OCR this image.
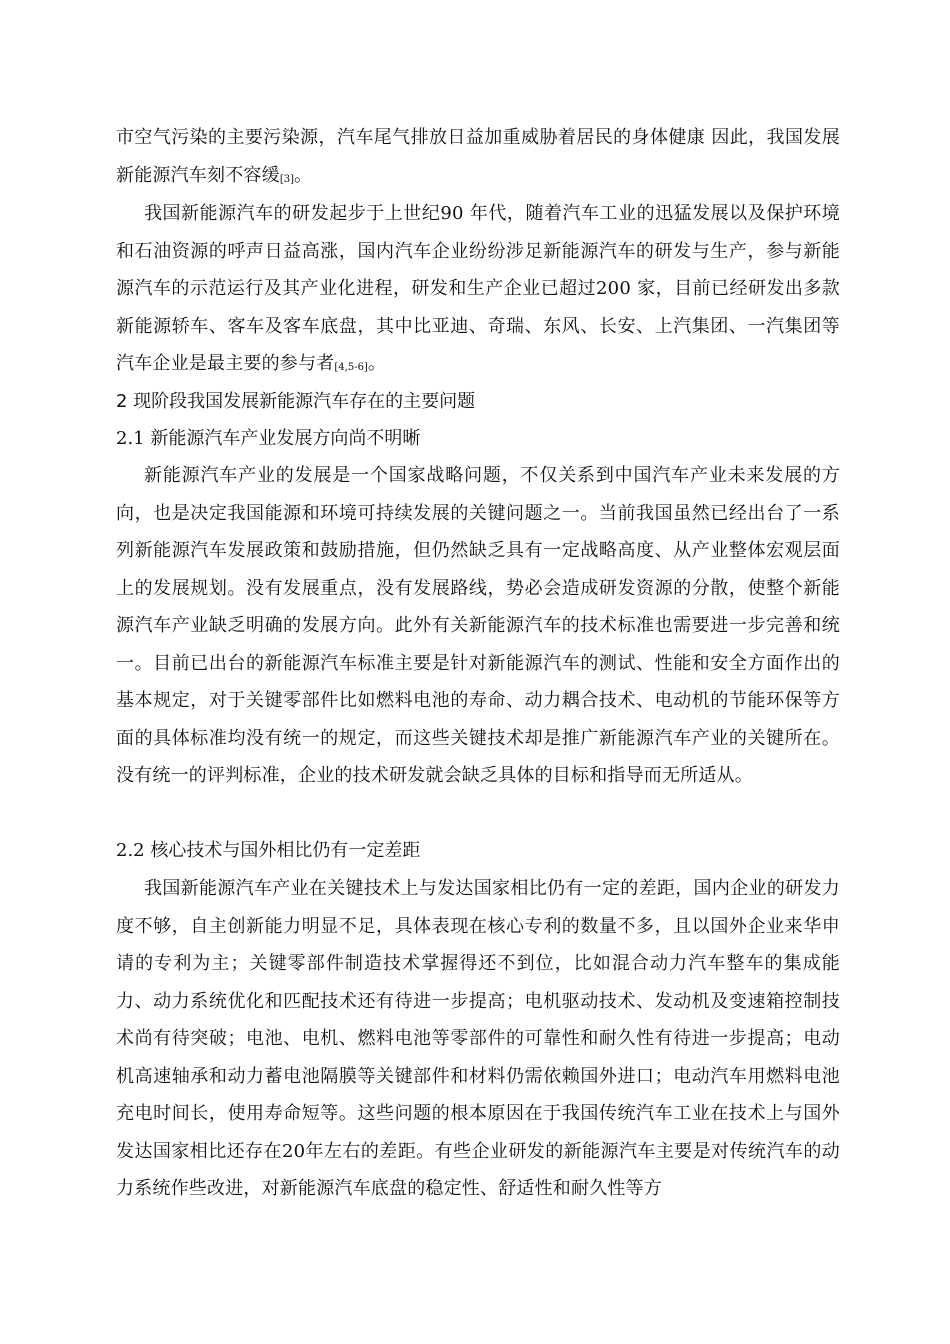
市空气污染的主要污染源，汽车尾气排放日益加重威胁着居民的身体健康 因此，我国发展新能源汽车刻不容缓[3]。

我国新能源汽车的研发起步于上世纪90 年代，随着汽车工业的迅猛发展以及保护环境和石油资源的呼声日益高涨，国内汽车企业纷纷涉足新能源汽车的研发与生产，参与新能源汽车的示范运行及其产业化进程，研发和生产企业已超过200 家，目前已经研发出多款新能源轿车、客车及客车底盘，其中比亚迪、奇瑞、东风、长安、上汽集团、一汽集团等汽车企业是最主要的参与者[4,5-6]。

2 现阶段我国发展新能源汽车存在的主要问题
2.1 新能源汽车产业发展方向尚不明晰

新能源汽车产业的发展是一个国家战略问题，不仅关系到中国汽车产业未来发展的方向，也是决定我国能源和环境可持续发展的关键问题之一。当前我国虽然已经出台了一系列新能源汽车发展政策和鼓励措施，但仍然缺乏具有一定战略高度、从产业整体宏观层面上的发展规划。没有发展重点，没有发展路线，势必会造成研发资源的分散，使整个新能源汽车产业缺乏明确的发展方向。此外有关新能源汽车的技术标准也需要进一步完善和统一。目前已出台的新能源汽车标准主要是针对新能源汽车的测试、性能和安全方面作出的基本规定，对于关键零部件比如燃料电池的寿命、动力耦合技术、电动机的节能环保等方面的具体标准均没有统一的规定，而这些关键技术却是推广新能源汽车产业的关键所在。没有统一的评判标准，企业的技术研发就会缺乏具体的目标和指导而无所适从。

2.2 核心技术与国外相比仍有一定差距

我国新能源汽车产业在关键技术上与发达国家相比仍有一定的差距，国内企业的研发力度不够，自主创新能力明显不足，具体表现在核心专利的数量不多，且以国外企业来华申请的专利为主；关键零部件制造技术掌握得还不到位，比如混合动力汽车整车的集成能力、动力系统优化和匹配技术还有待进一步提高；电机驱动技术、发动机及变速箱控制技术尚有待突破；电池、电机、燃料电池等零部件的可靠性和耐久性有待进一步提高；电动机高速轴承和动力蓄电池隔膜等关键部件和材料仍需依赖国外进口；电动汽车用燃料电池充电时间长，使用寿命短等。这些问题的根本原因在于我国传统汽车工业在技术上与国外发达国家相比还存在20年左右的差距。有些企业研发的新能源汽车主要是对传统汽车的动力系统作些改进，对新能源汽车底盘的稳定性、舒适性和耐久性等方
